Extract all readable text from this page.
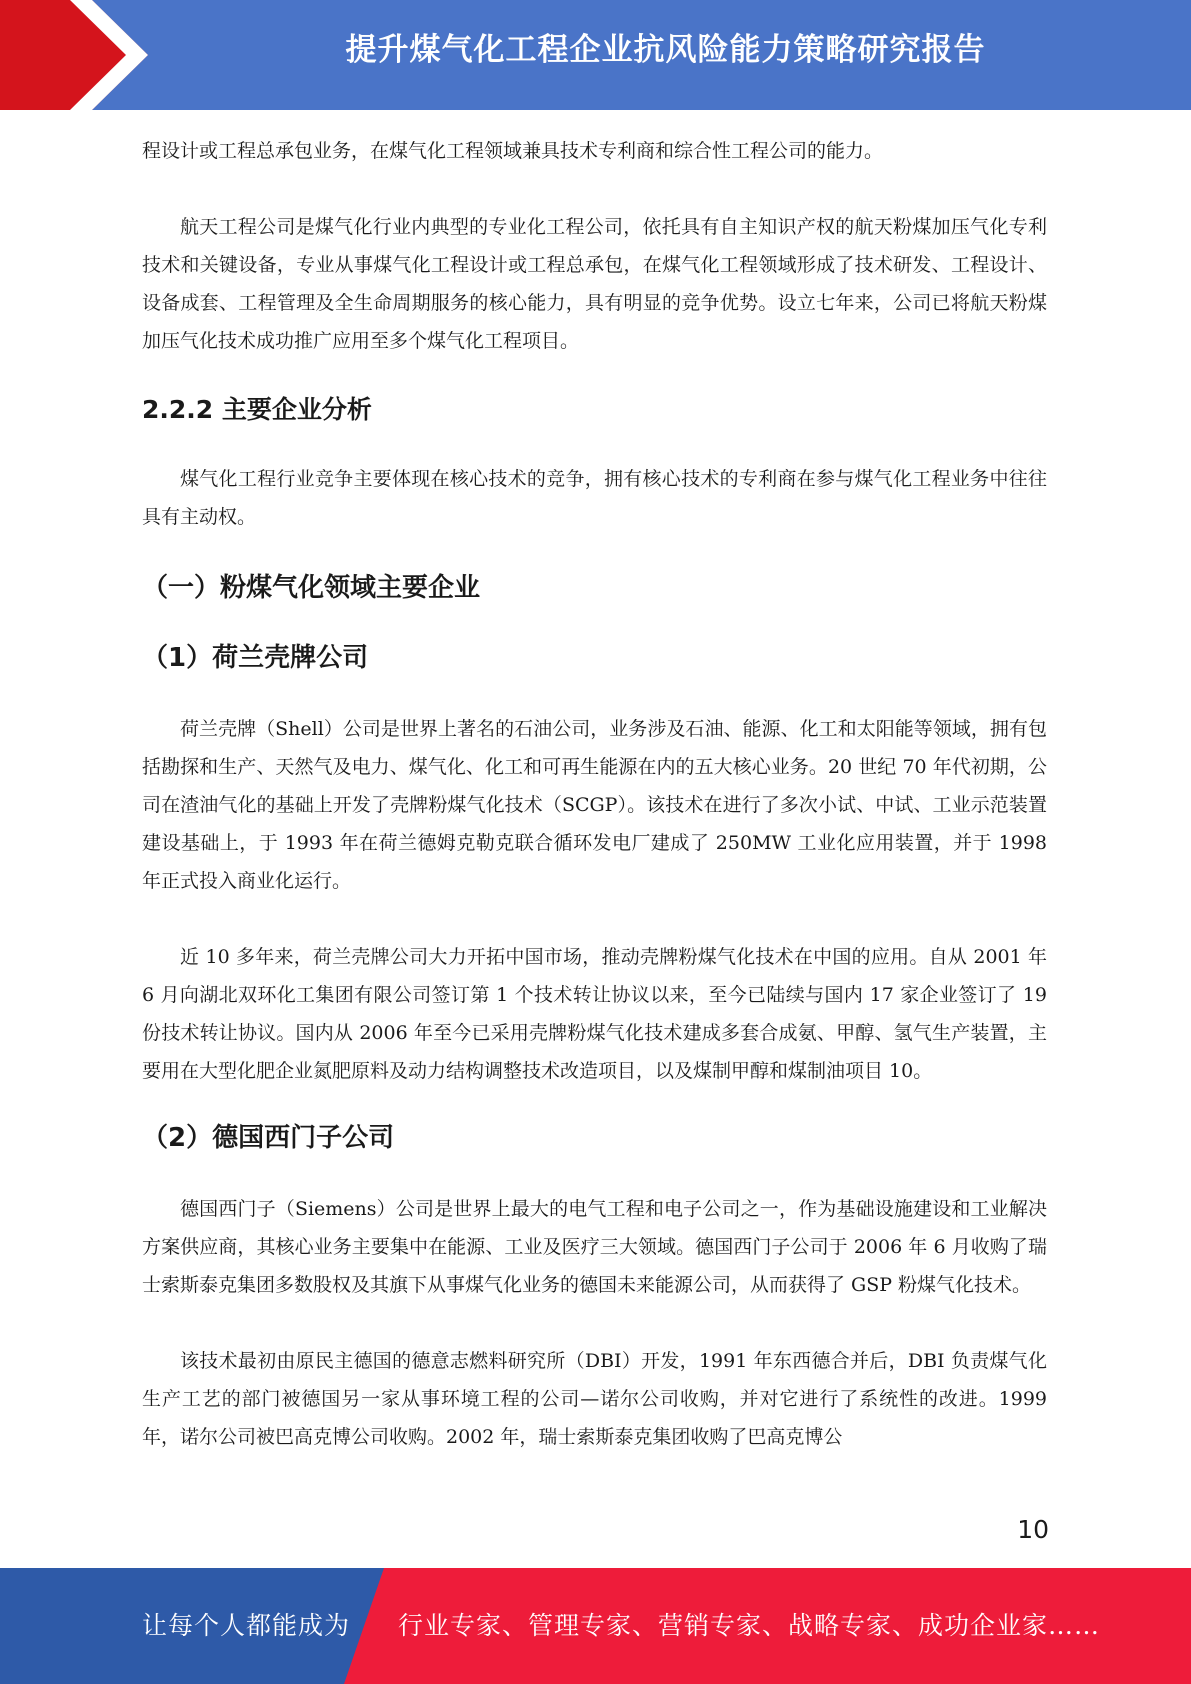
提升煤气化工程企业抗风险能力策略研究报告

程设计或工程总承包业务，在煤气化工程领域兼具技术专利商和综合性工程公司的能力。

航天工程公司是煤气化行业内典型的专业化工程公司，依托具有自主知识产权的航天粉煤加压气化专利技术和关键设备，专业从事煤气化工程设计或工程总承包，在煤气化工程领域形成了技术研发、工程设计、设备成套、工程管理及全生命周期服务的核心能力，具有明显的竞争优势。设立七年来，公司已将航天粉煤加压气化技术成功推广应用至多个煤气化工程项目。

2.2.2 主要企业分析

煤气化工程行业竞争主要体现在核心技术的竞争，拥有核心技术的专利商在参与煤气化工程业务中往往具有主动权。

（一）粉煤气化领域主要企业
（1）荷兰壳牌公司

荷兰壳牌（Shell）公司是世界上著名的石油公司，业务涉及石油、能源、化工和太阳能等领域，拥有包括勘探和生产、天然气及电力、煤气化、化工和可再生能源在内的五大核心业务。20 世纪 70 年代初期，公司在渣油气化的基础上开发了壳牌粉煤气化技术（SCGP）。该技术在进行了多次小试、中试、工业示范装置建设基础上，于 1993 年在荷兰德姆克勒克联合循环发电厂建成了 250MW 工业化应用装置，并于 1998 年正式投入商业化运行。

近 10 多年来，荷兰壳牌公司大力开拓中国市场，推动壳牌粉煤气化技术在中国的应用。自从 2001 年 6 月向湖北双环化工集团有限公司签订第 1 个技术转让协议以来，至今已陆续与国内 17 家企业签订了 19 份技术转让协议。国内从 2006 年至今已采用壳牌粉煤气化技术建成多套合成氨、甲醇、氢气生产装置，主要用在大型化肥企业氮肥原料及动力结构调整技术改造项目，以及煤制甲醇和煤制油项目 10。

（2）德国西门子公司

德国西门子（Siemens）公司是世界上最大的电气工程和电子公司之一，作为基础设施建设和工业解决方案供应商，其核心业务主要集中在能源、工业及医疗三大领域。德国西门子公司于 2006 年 6 月收购了瑞士索斯泰克集团多数股权及其旗下从事煤气化业务的德国未来能源公司，从而获得了 GSP 粉煤气化技术。

该技术最初由原民主德国的德意志燃料研究所（DBI）开发，1991 年东西德合并后，DBI 负责煤气化生产工艺的部门被德国另一家从事环境工程的公司—诺尔公司收购，并对它进行了系统性的改进。1999 年，诺尔公司被巴高克博公司收购。2002 年，瑞士索斯泰克集团收购了巴高克博公

10
让每个人都能成为 行业专家、管理专家、营销专家、战略专家、成功企业家……
